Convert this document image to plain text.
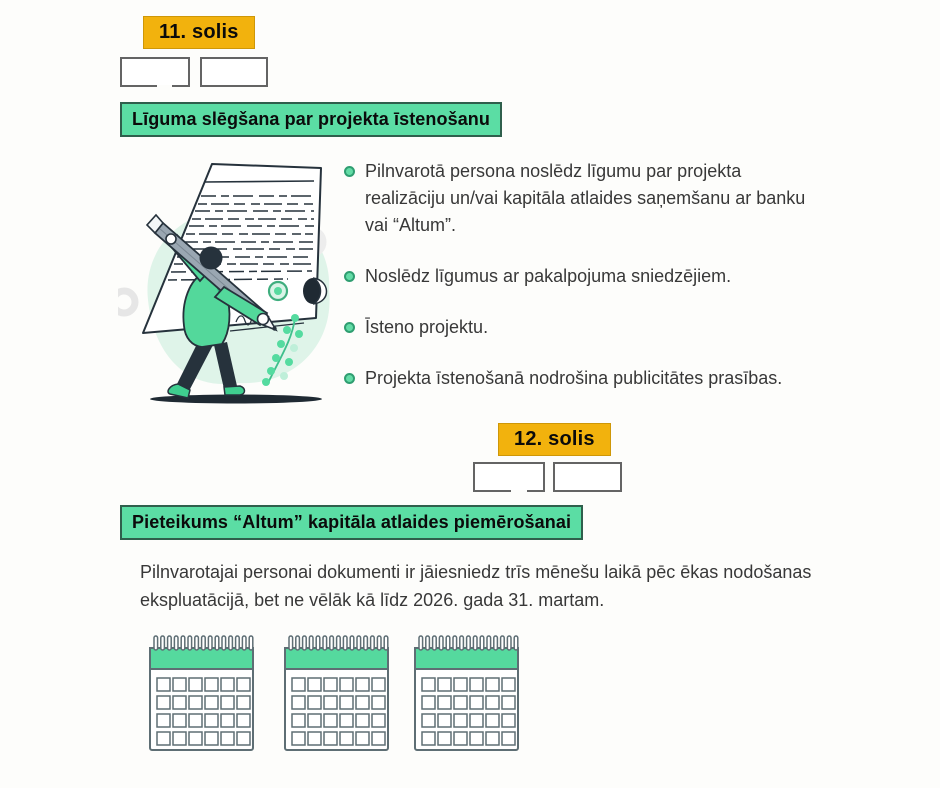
11. solis
Līguma slēgšana par projekta īstenošanu
Pilnvarotā persona noslēdz līgumu par projekta realizāciju un/vai kapitāla atlaides saņemšanu ar banku vai “Altum”.
Noslēdz līgumus ar pakalpojuma sniedzējiem.
Īsteno projektu.
Projekta īstenošanā nodrošina publicitātes prasības.
12. solis
Pieteikums “Altum” kapitāla atlaides piemērošanai

Pilnvarotajai personai dokumenti ir jāiesniedz trīs mēnešu laikā pēc ēkas nodošanas ekspluatācijā, bet ne vēlāk kā līdz 2026. gada 31. martam.
